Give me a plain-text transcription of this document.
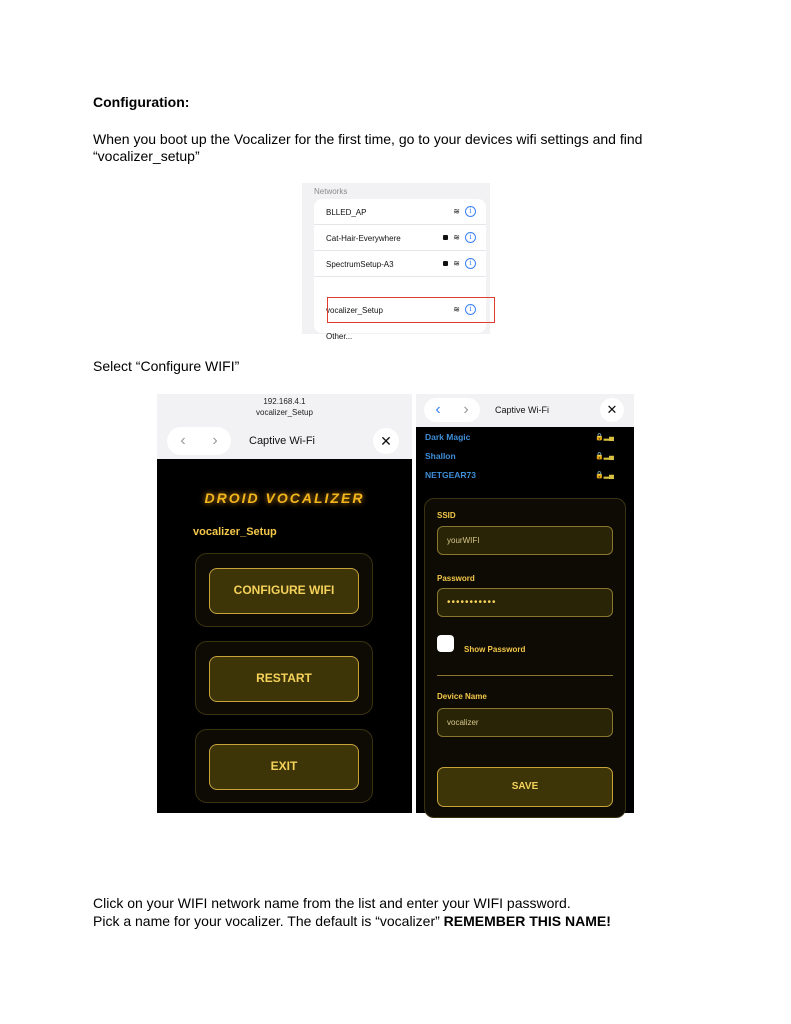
Configuration:
When you boot up the Vocalizer for the first time, go to your devices wifi settings and find
“vocalizer_setup”
Networks
BLLED_AP	≋	i
Cat-Hair-Everywhere	≋	i
SpectrumSetup-A3	≋	i
vocalizer_Setup	≋	i
Other...
Select “Configure WIFI”
192.168.4.1
vocalizer_Setup
‹ ›	Captive Wi-Fi	✕
DROID VOCALIZER
vocalizer_Setup
CONFIGURE WIFI
RESTART
EXIT
‹ ›	Captive Wi-Fi	✕
Dark Magic	🔒▂▄
Shallon	🔒▂▄
NETGEAR73	🔒▂▄
SSID
yourWIFI
Password
•••••••••••
Show Password
Device Name
vocalizer
SAVE
Click on your WIFI network name from the list and enter your WIFI password.
Pick a name for your vocalizer. The default is “vocalizer” REMEMBER THIS NAME!
